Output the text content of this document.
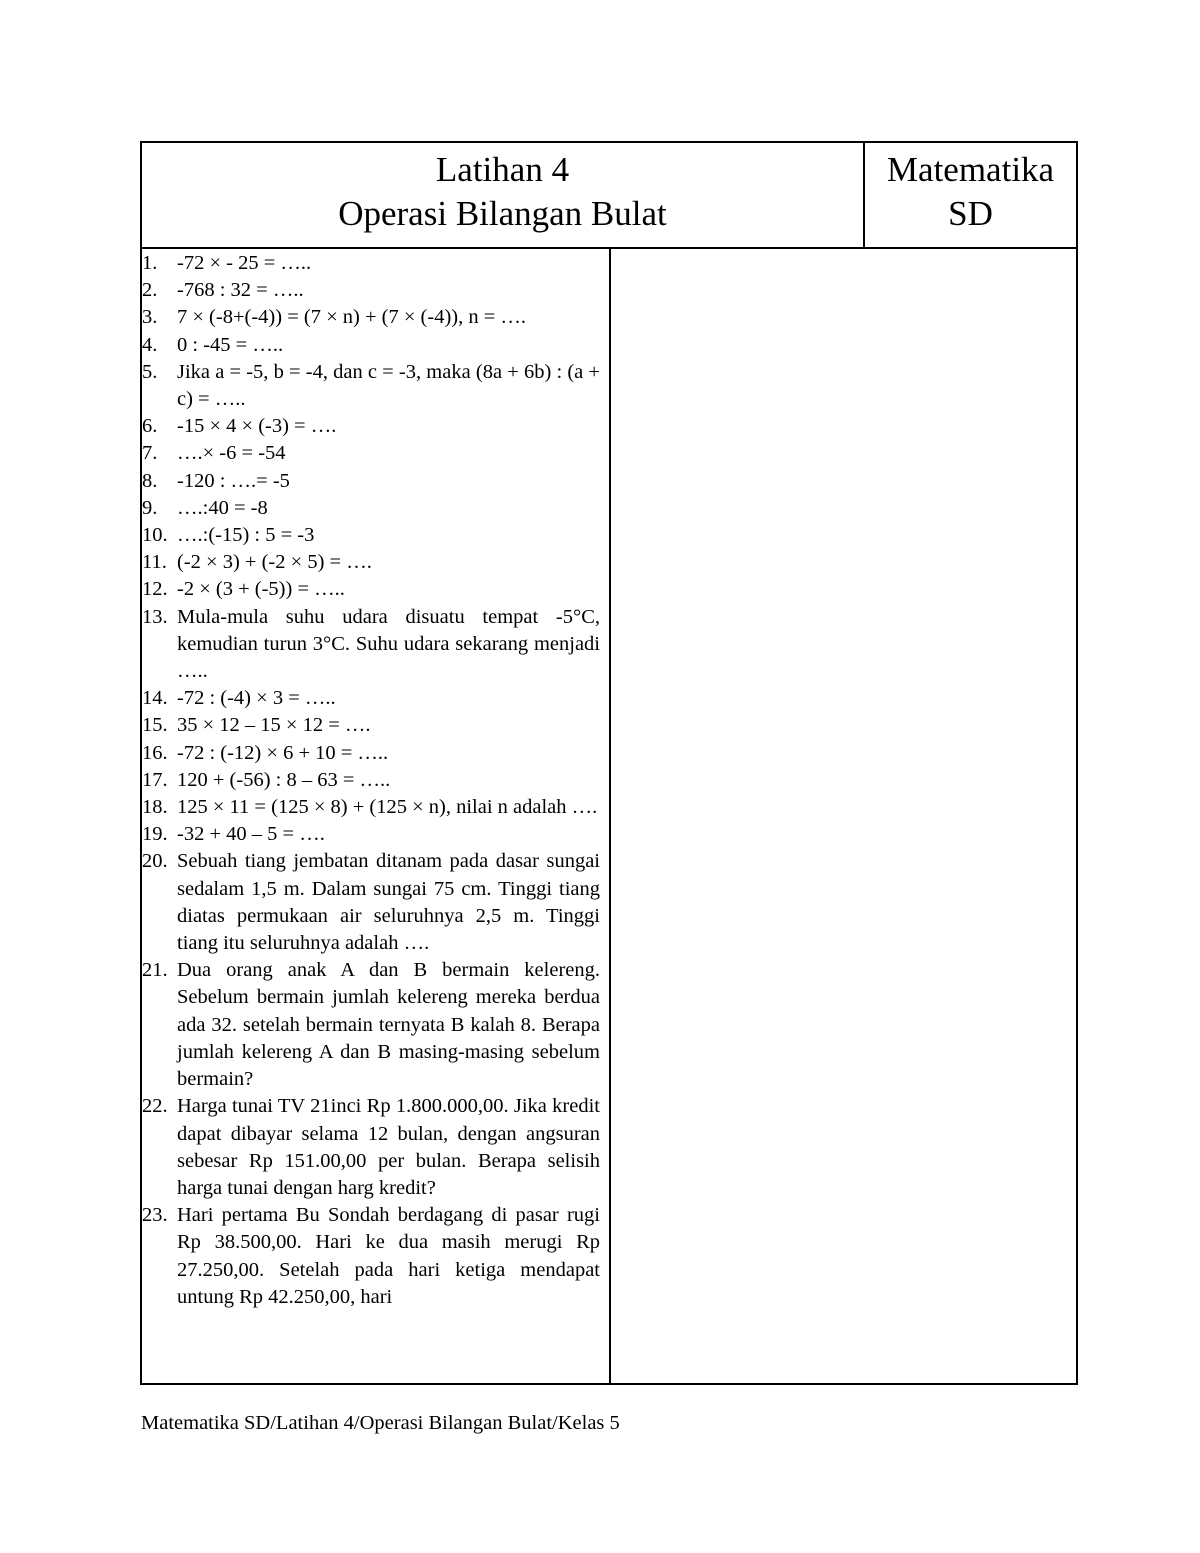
Latihan 4
Operasi Bilangan Bulat
Matematika
SD
1. -72 × - 25 = …..
2. -768 : 32 = …..
3. 7 × (-8+(-4)) = (7 × n) + (7 × (-4)), n = ….
4. 0 : -45 = …..
5. Jika a = -5, b = -4, dan c = -3, maka (8a + 6b) : (a + c) = …..
6. -15 × 4 × (-3) = ….
7. ….× -6 = -54
8. -120 : ….= -5
9. ….:40 = -8
10. ….:(-15) : 5 = -3
11. (-2 × 3) + (-2 × 5) = ….
12. -2 × (3 + (-5)) = …..
13. Mula-mula suhu udara disuatu tempat -5°C, kemudian turun 3°C. Suhu udara sekarang menjadi …..
14. -72 : (-4) × 3 = …..
15. 35 × 12 – 15 × 12 = ….
16. -72 : (-12) × 6 + 10 = …..
17. 120 + (-56) : 8 – 63 = …..
18. 125 × 11 = (125 × 8) + (125 × n), nilai n adalah ….
19. -32 + 40 – 5 = ….
20. Sebuah tiang jembatan ditanam pada dasar sungai sedalam 1,5 m. Dalam sungai 75 cm. Tinggi tiang diatas permukaan air seluruhnya 2,5 m. Tinggi tiang itu seluruhnya adalah ….
21. Dua orang anak A dan B bermain kelereng. Sebelum bermain jumlah kelereng mereka berdua ada 32. setelah bermain ternyata B kalah 8. Berapa jumlah kelereng A dan B masing-masing sebelum bermain?
22. Harga tunai TV 21inci Rp 1.800.000,00. Jika kredit dapat dibayar selama 12 bulan, dengan angsuran sebesar Rp 151.00,00 per bulan. Berapa selisih harga tunai dengan harg kredit?
23. Hari pertama Bu Sondah berdagang di pasar rugi Rp 38.500,00. Hari ke dua masih merugi Rp 27.250,00. Setelah pada hari ketiga mendapat untung Rp 42.250,00, hari
Matematika SD/Latihan 4/Operasi Bilangan Bulat/Kelas 5
